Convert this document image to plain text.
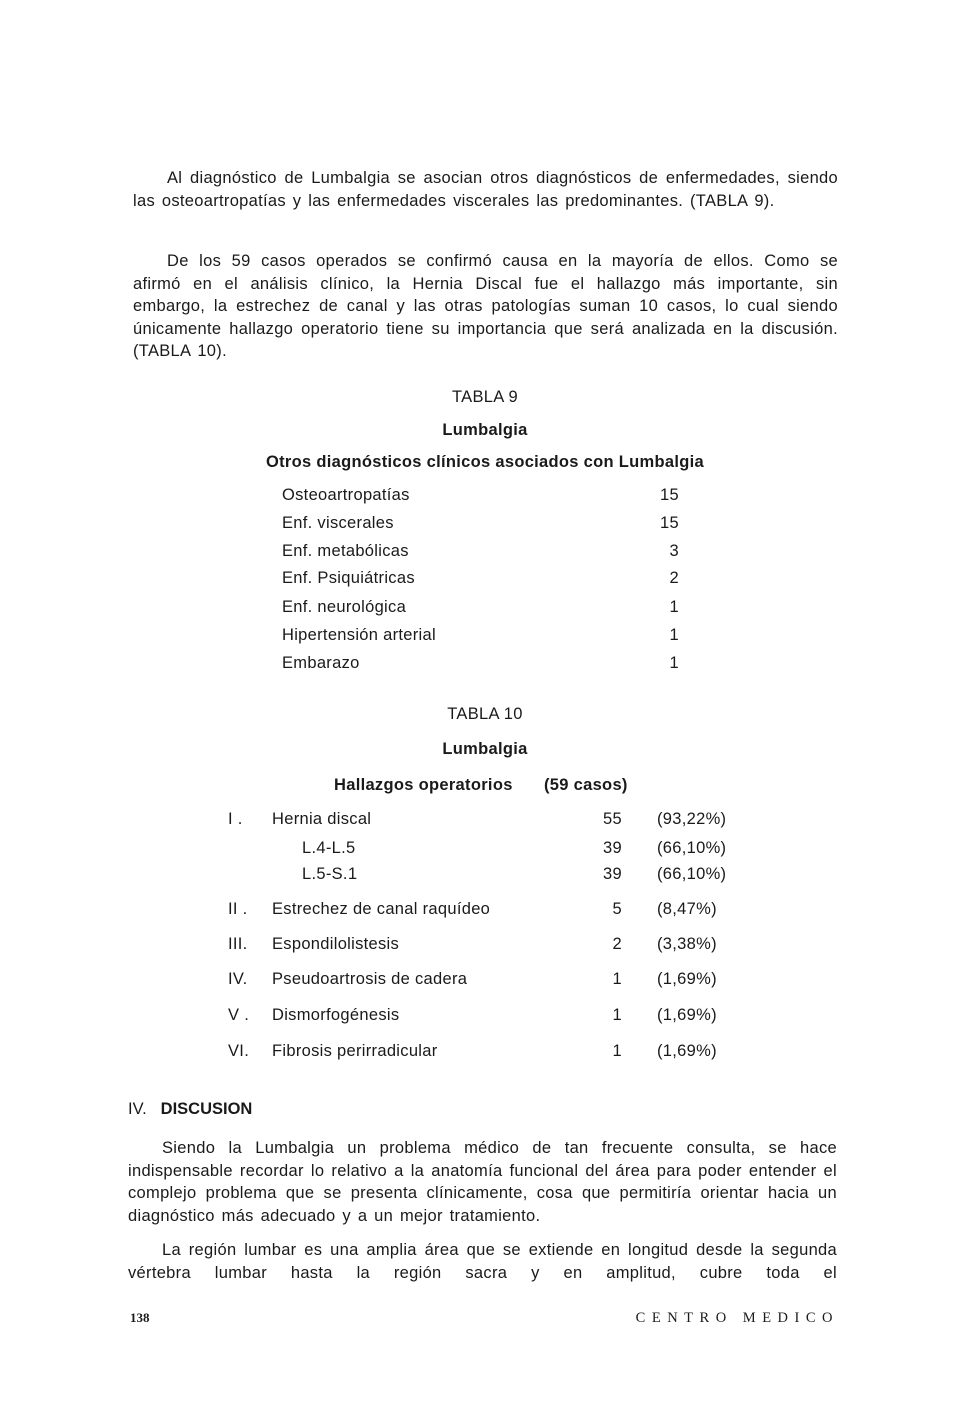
Al diagnóstico de Lumbalgia se asocian otros diagnósticos de enfermedades, siendo las osteoartropatías y las enfermedades viscerales las predominantes. (TABLA 9).

De los 59 casos operados se confirmó causa en la mayoría de ellos. Como se afirmó en el análisis clínico, la Hernia Discal fue el hallazgo más importante, sin embargo, la estrechez de canal y las otras patologías suman 10 casos, lo cual siendo únicamente hallazgo operatorio tiene su importancia que será analizada en la discusión. (TABLA 10).

TABLA 9

Lumbalgia

Otros diagnósticos clínicos asociados con Lumbalgia

Osteoartropatías	15
Enf. viscerales	15
Enf. metabólicas	3
Enf. Psiquiátricas	2
Enf. neurológica	1
Hipertensión arterial	1
Embarazo	1

TABLA 10

Lumbalgia

Hallazgos operatorios (59 casos)
I . Hernia discal	55 (93,22%)
L.4-L.5	39 (66,10%)
L.5-S.1	39 (66,10%)
II . Estrechez de canal raquídeo	5 (8,47%)
III. Espondilolistesis	2 (3,38%)
IV. Pseudoartrosis de cadera	1 (1,69%)
V . Dismorfogénesis	1 (1,69%)
VI. Fibrosis perirradicular	1 (1,69%)
IV. DISCUSION

Siendo la Lumbalgia un problema médico de tan frecuente consulta, se hace indispensable recordar lo relativo a la anatomía funcional del área para poder entender el complejo problema que se presenta clínicamente, cosa que permitiría orientar hacia un diagnóstico más adecuado y a un mejor tratamiento.

La región lumbar es una amplia área que se extiende en longitud desde la segunda vértebra lumbar hasta la región sacra y en amplitud, cubre toda el

138	CENTRO MEDICO
